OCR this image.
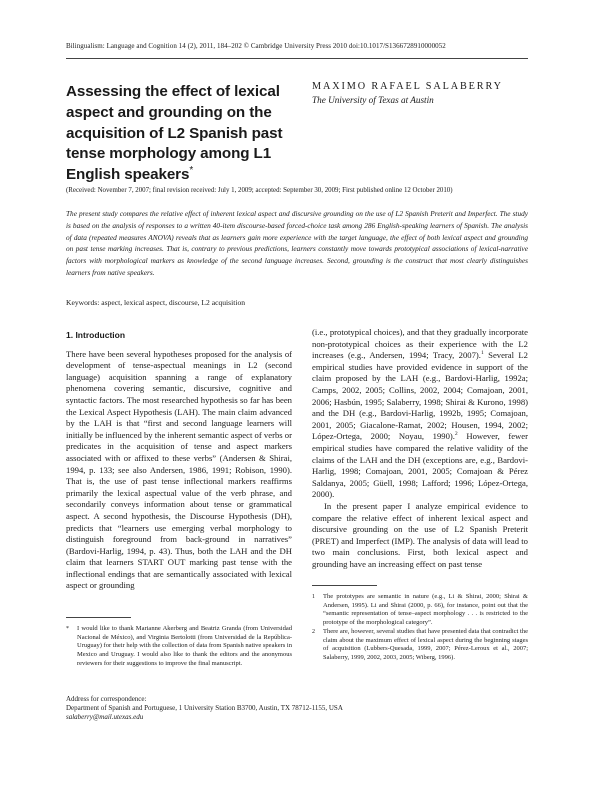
Bilingualism: Language and Cognition 14 (2), 2011, 184–202 © Cambridge University Press 2010 doi:10.1017/S1366728910000052
Assessing the effect of lexical aspect and grounding on the acquisition of L2 Spanish past tense morphology among L1 English speakers*
MAXIMO RAFAEL SALABERRY
The University of Texas at Austin
(Received: November 7, 2007; final revision received: July 1, 2009; accepted: September 30, 2009; First published online 12 October 2010)
The present study compares the relative effect of inherent lexical aspect and discursive grounding on the use of L2 Spanish Preterit and Imperfect. The study is based on the analysis of responses to a written 40-item discourse-based forced-choice task among 286 English-speaking learners of Spanish. The analysis of data (repeated measures ANOVA) reveals that as learners gain more experience with the target language, the effect of both lexical aspect and grounding on past tense marking increases. That is, contrary to previous predictions, learners constantly move towards prototypical associations of lexical-narrative factors with morphological markers as knowledge of the second language increases. Second, grounding is the construct that most clearly distinguishes learners from native speakers.
Keywords: aspect, lexical aspect, discourse, L2 acquisition

1. Introduction

There have been several hypotheses proposed for the analysis of development of tense-aspectual meanings in L2 (second language) acquisition spanning a range of explanatory phenomena covering semantic, discursive, cognitive and syntactic factors. The most researched hypothesis so far has been the Lexical Aspect Hypothesis (LAH). The main claim advanced by the LAH is that “first and second language learners will initially be influenced by the inherent semantic aspect of verbs or predicates in the acquisition of tense and aspect markers associated with or affixed to these verbs” (Andersen & Shirai, 1994, p. 133; see also Andersen, 1986, 1991; Robison, 1990). That is, the use of past tense inflectional markers reaffirms primarily the lexical aspectual value of the verb phrase, and secondarily conveys information about tense or grammatical aspect. A second hypothesis, the Discourse Hypothesis (DH), predicts that “learners use emerging verbal morphology to distinguish foreground from back-ground in narratives” (Bardovi-Harlig, 1994, p. 43). Thus, both the LAH and the DH claim that learners START OUT marking past tense with the inflectional endings that are semantically associated with lexical aspect or grounding

(i.e., prototypical choices), and that they gradually incorporate non-prototypical choices as their experience with the L2 increases (e.g., Andersen, 1994; Tracy, 2007).$^1$ Several L2 empirical studies have provided evidence in support of the claim proposed by the LAH (e.g., Bardovi-Harlig, 1992a; Camps, 2002, 2005; Collins, 2002, 2004; Comajoan, 2001, 2006; Hasbún, 1995; Salaberry, 1998; Shirai & Kurono, 1998) and the DH (e.g., Bardovi-Harlig, 1992b, 1995; Comajoan, 2001, 2005; Giacalone-Ramat, 2002; Housen, 1994, 2002; López-Ortega, 2000; Noyau, 1990).$^2$ However, fewer empirical studies have compared the relative validity of the claims of the LAH and the DH (exceptions are, e.g., Bardovi-Harlig, 1998; Comajoan, 2001, 2005; Comajoan & Pérez Saldanya, 2005; Güell, 1998; Lafford; 1996; López-Ortega, 2000).

In the present paper I analyze empirical evidence to compare the relative effect of inherent lexical aspect and discursive grounding on the use of L2 Spanish Preterit (PRET) and Imperfect (IMP). The analysis of data will lead to two main conclusions. First, both lexical aspect and grounding have an increasing effect on past tense

1	The prototypes are semantic in nature (e.g., Li & Shirai, 2000; Shirai & Andersen, 1995). Li and Shirai (2000, p. 66), for instance, point out that the “semantic representation of tense–aspect morphology . . . is restricted to the prototype of the morphological category”.
2	There are, however, several studies that have presented data that contradict the claim about the maximum effect of lexical aspect during the beginning stages of acquisition (Lubbers-Quesada, 1999, 2007; Pérez-Leroux et al., 2007; Salaberry, 1999, 2002, 2003, 2005; Wiberg, 1996).
*	I would like to thank Marianne Akerberg and Beatriz Granda (from Universidad Nacional de México), and Virginia Bertolotti (from Universidad de la República-Uruguay) for their help with the collection of data from Spanish native speakers in Mexico and Uruguay. I would also like to thank the editors and the anonymous reviewers for their suggestions to improve the final manuscript.
Address for correspondence:
Department of Spanish and Portuguese, 1 University Station B3700, Austin, TX 78712-1155, USA
salaberry@mail.utexas.edu
